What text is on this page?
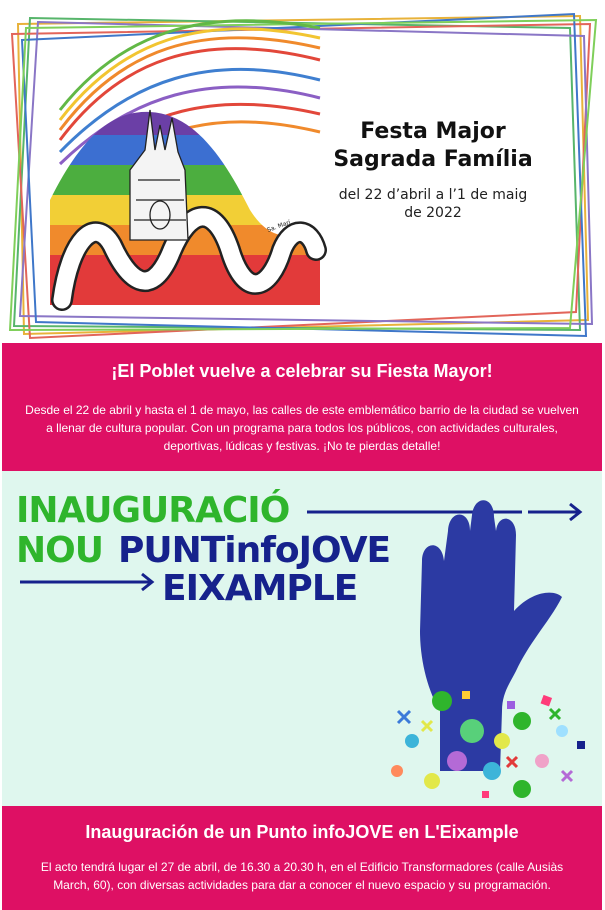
Sa. Marí
Festa Major
Sagrada Família
del 22 d’abril a l’1 de maig
de 2022
¡El Poblet vuelve a celebrar su Fiesta Mayor!

Desde el 22 de abril y hasta el 1 de mayo, las calles de este emblemático barrio de la ciudad se vuelven a llenar de cultura popular. Con un programa para todos los públicos, con actividades culturales, deportivas, lúdicas y festivas. ¡No te pierdas detalle!

INAUGURACIÓ
NOU PUNTinfoJOVE
EIXAMPLE
Inauguración de un Punto infoJOVE en L'Eixample

El acto tendrá lugar el 27 de abril, de 16.30 a 20.30 h, en el Edificio Transformadores (calle Ausiàs March, 60), con diversas actividades para dar a conocer el nuevo espacio y su programación.
